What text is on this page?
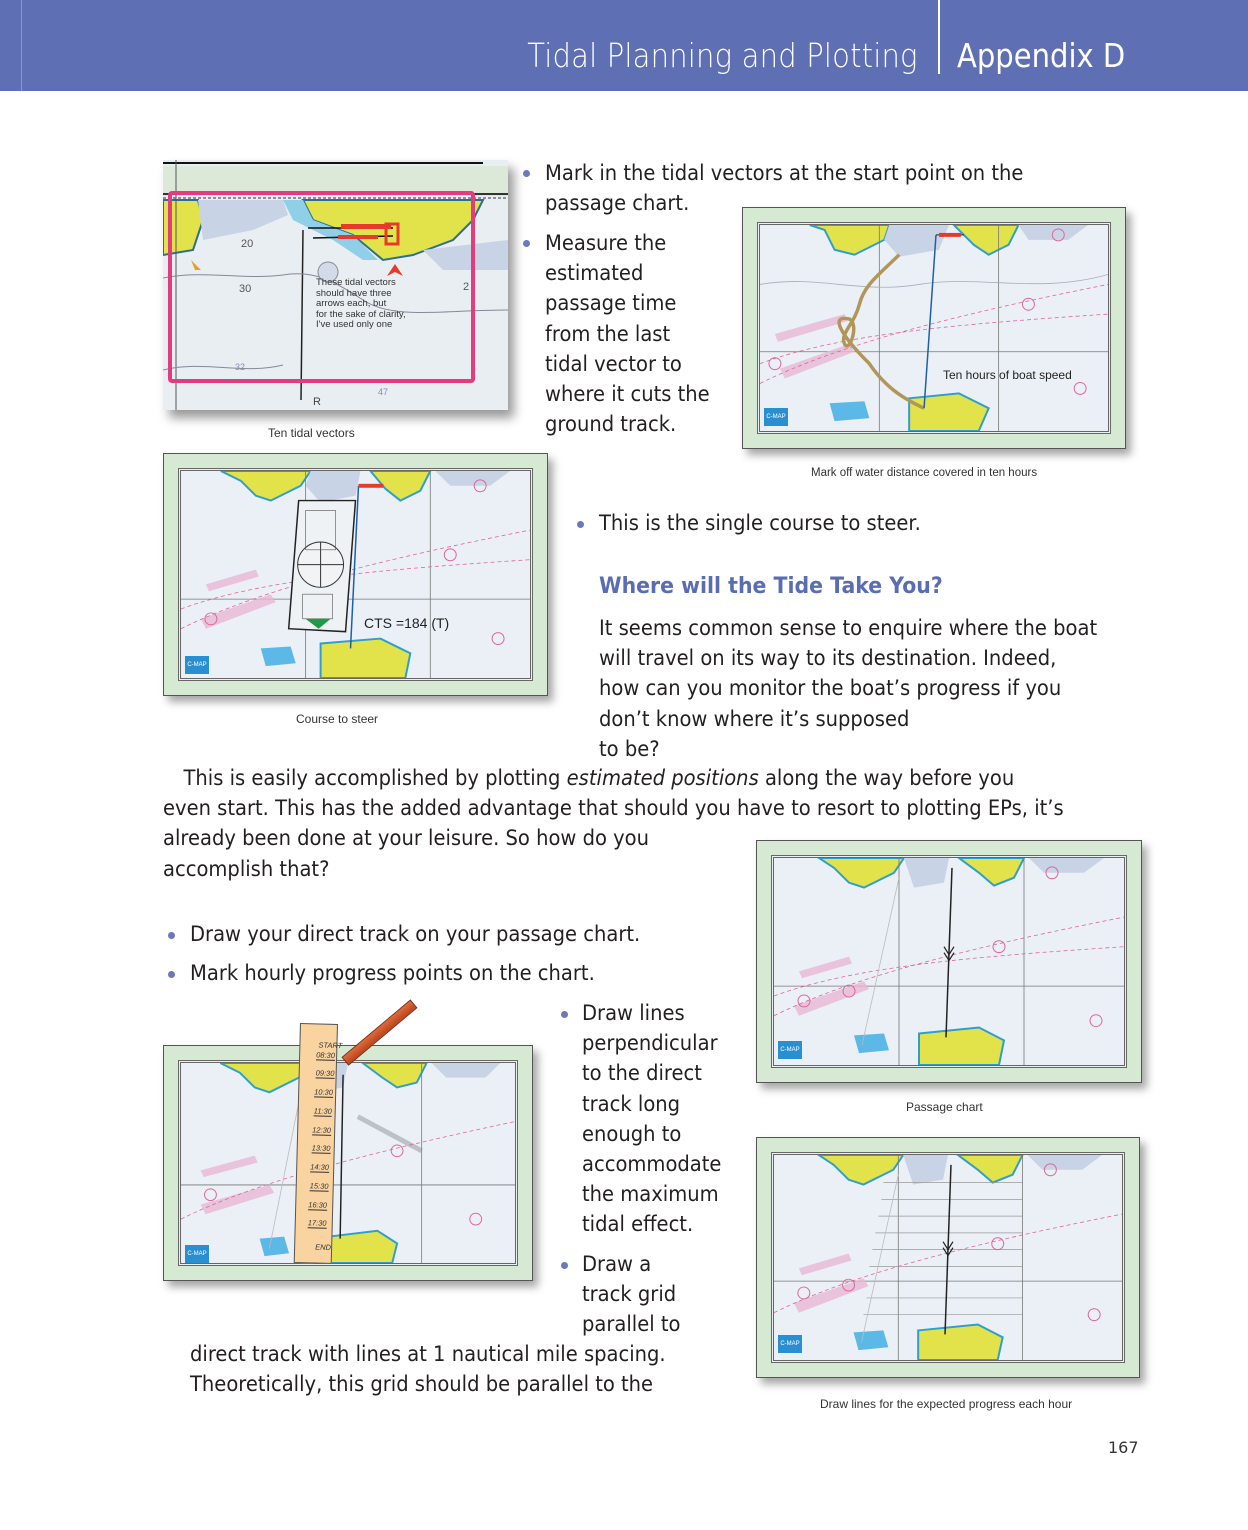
Tidal Planning and Plotting Appendix D
20
30
32
47
R
2
These tidal vectors
should have three
arrows each, but
for the sake of clarity,
I've used only one
Ten tidal vectors
Mark in the tidal vectors at the start point on the
passage chart.
Measure the
estimated
passage time
from the last
tidal vector to
where it cuts the
ground track.
Ten hours of boat speed
C-MAP
Mark off water distance covered in ten hours
CTS =184 (T)
C-MAP
Course to steer
This is the single course to steer.
Where will the Tide Take You?
It seems common sense to enquire where the boat
will travel on its way to its destination. Indeed,
how can you monitor the boat’s progress if you
don’t know where it’s supposed
to be?
This is easily accomplished by plotting estimated positions along the way before you
even start. This has the added advantage that should you have to resort to plotting EPs, it’s
already been done at your leisure. So how do you
accomplish that?
Draw your direct track on your passage chart.
Mark hourly progress points on the chart.
C-MAP
START
08:30
09:30
10:30
11:30
12:30
13:30
14:30
15:30
16:30
17:30
END
Draw lines
perpendicular
to the direct
track long
enough to
accommodate
the maximum
tidal effect.
Draw a
track grid
parallel to
direct track with lines at 1 nautical mile spacing.
Theoretically, this grid should be parallel to the
C-MAP
Passage chart
C-MAP
Draw lines for the expected progress each hour
167
